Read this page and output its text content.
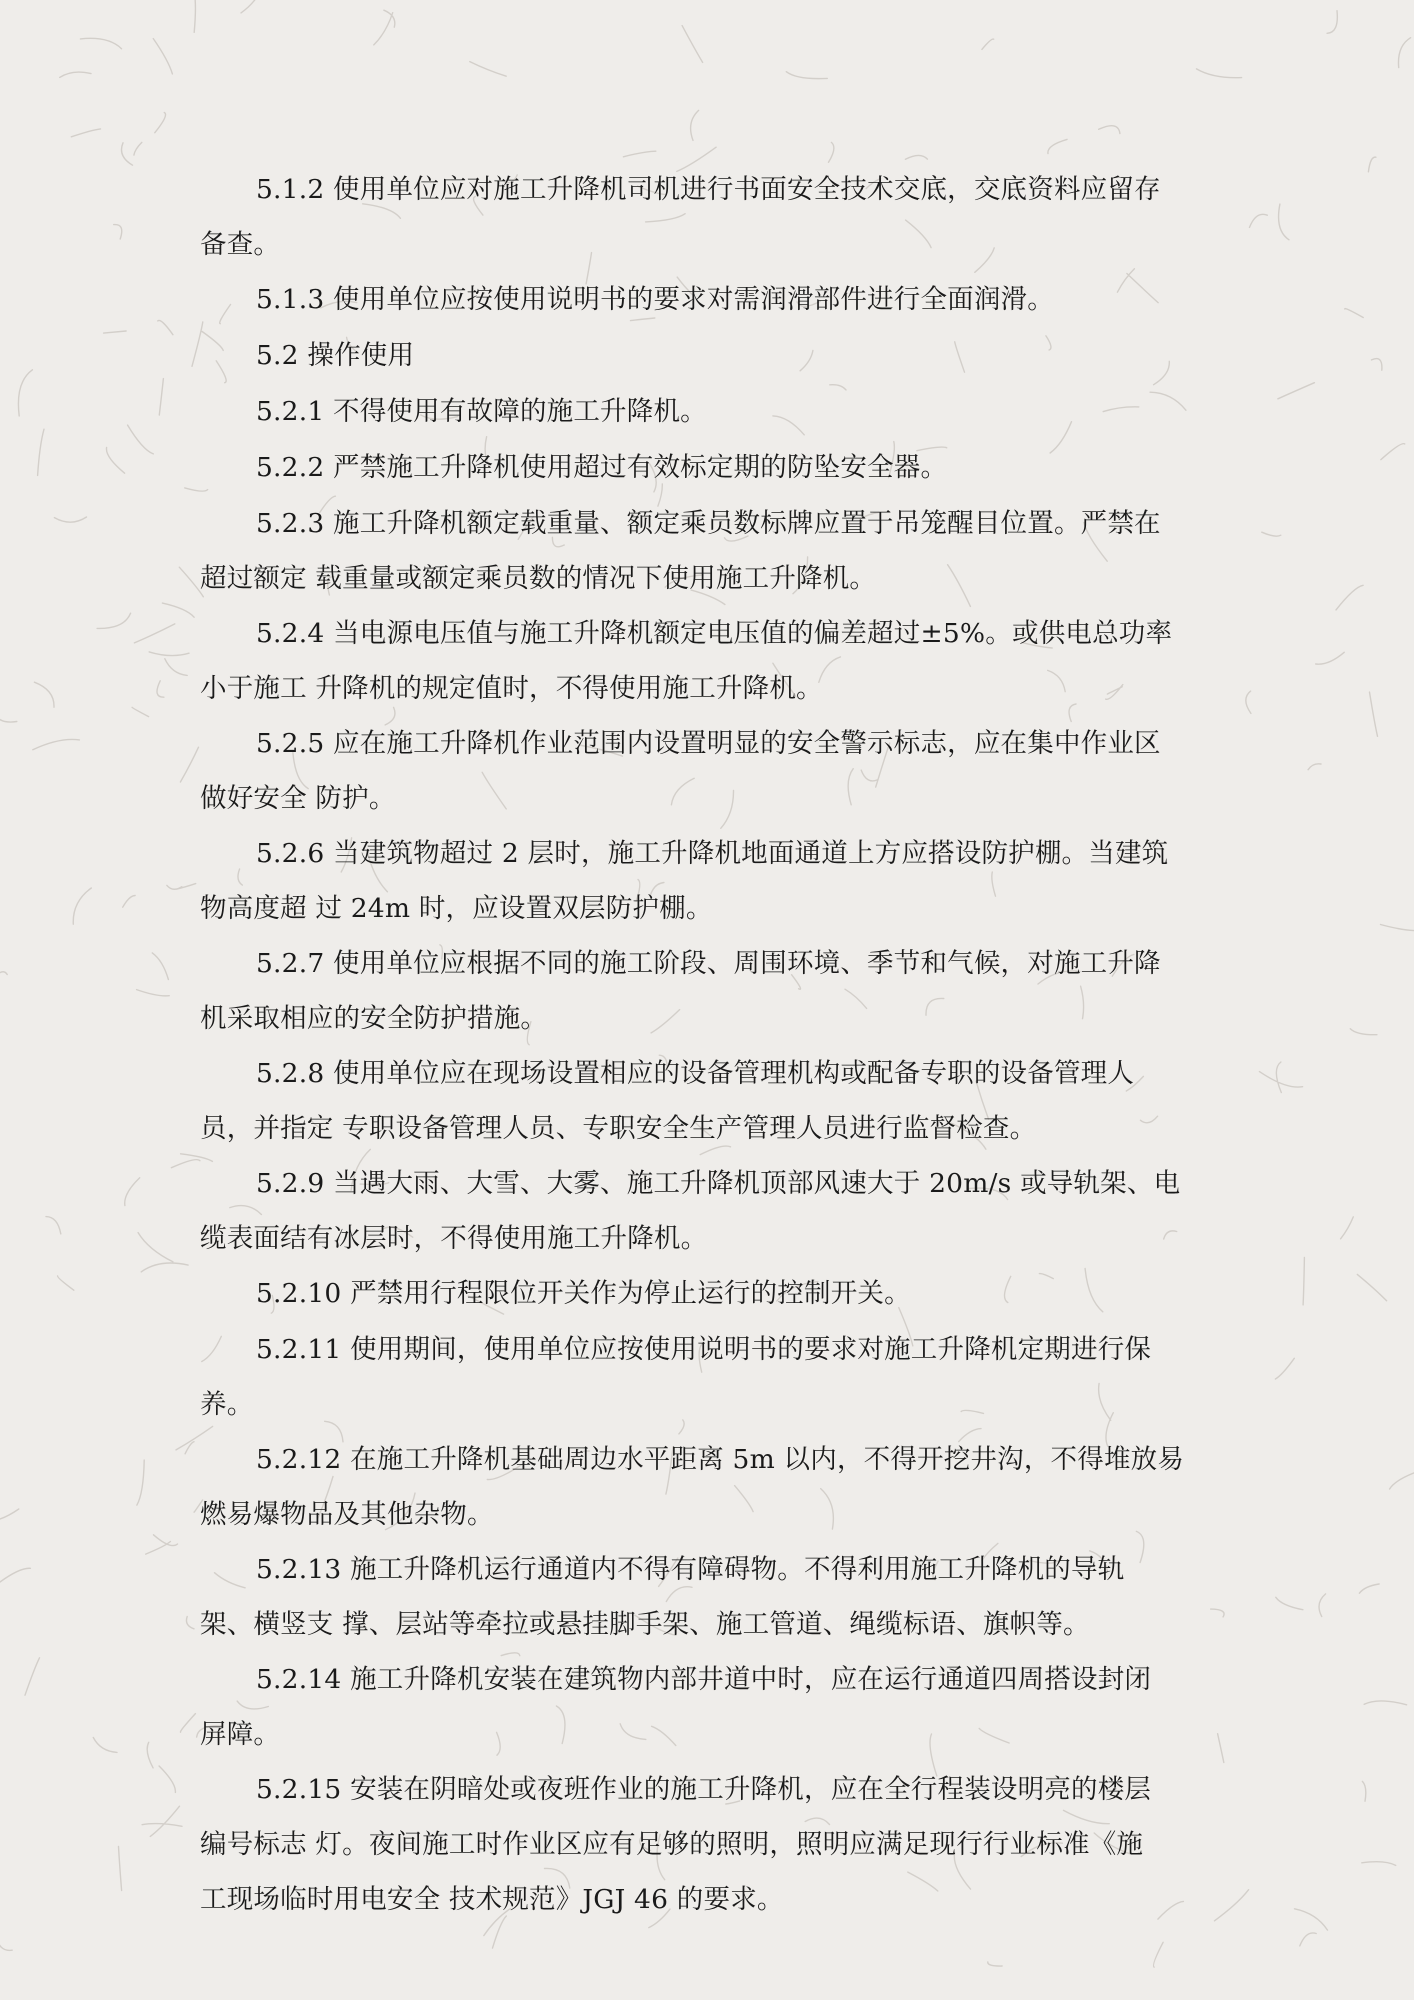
5.1.2 使用单位应对施工升降机司机进行书面安全技术交底，交底资料应留存
备查。
5.1.3 使用单位应按使用说明书的要求对需润滑部件进行全面润滑。
5.2 操作使用
5.2.1 不得使用有故障的施工升降机。
5.2.2 严禁施工升降机使用超过有效标定期的防坠安全器。
5.2.3 施工升降机额定载重量、额定乘员数标牌应置于吊笼醒目位置。严禁在
超过额定 载重量或额定乘员数的情况下使用施工升降机。
5.2.4 当电源电压值与施工升降机额定电压值的偏差超过±5%。或供电总功率
小于施工 升降机的规定值时，不得使用施工升降机。
5.2.5 应在施工升降机作业范围内设置明显的安全警示标志，应在集中作业区
做好安全 防护。
5.2.6 当建筑物超过 2 层时，施工升降机地面通道上方应搭设防护棚。当建筑
物高度超 过 24m 时，应设置双层防护棚。
5.2.7 使用单位应根据不同的施工阶段、周围环境、季节和气候，对施工升降
机采取相应的安全防护措施。
5.2.8 使用单位应在现场设置相应的设备管理机构或配备专职的设备管理人
员，并指定 专职设备管理人员、专职安全生产管理人员进行监督检查。
5.2.9 当遇大雨、大雪、大雾、施工升降机顶部风速大于 20m/s 或导轨架、电
缆表面结有冰层时，不得使用施工升降机。
5.2.10 严禁用行程限位开关作为停止运行的控制开关。
5.2.11 使用期间，使用单位应按使用说明书的要求对施工升降机定期进行保
养。
5.2.12 在施工升降机基础周边水平距离 5m 以内，不得开挖井沟，不得堆放易
燃易爆物品及其他杂物。
5.2.13 施工升降机运行通道内不得有障碍物。不得利用施工升降机的导轨
架、横竖支 撑、层站等牵拉或悬挂脚手架、施工管道、绳缆标语、旗帜等。
5.2.14 施工升降机安装在建筑物内部井道中时，应在运行通道四周搭设封闭
屏障。
5.2.15 安装在阴暗处或夜班作业的施工升降机，应在全行程装设明亮的楼层
编号标志 灯。夜间施工时作业区应有足够的照明，照明应满足现行行业标准《施
工现场临时用电安全 技术规范》JGJ 46 的要求。
